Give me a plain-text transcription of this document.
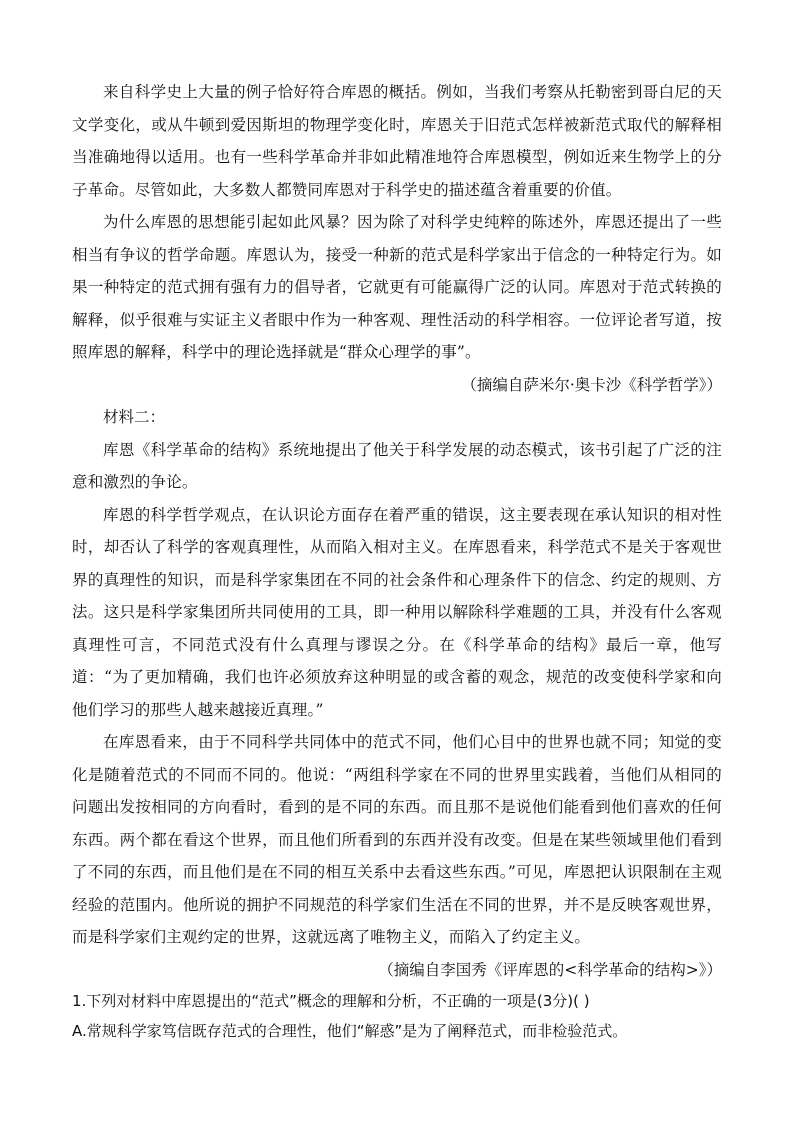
来自科学史上大量的例子恰好符合库恩的概括。例如，当我们考察从托勒密到哥白尼的天文学变化，或从牛顿到爱因斯坦的物理学变化时，库恩关于旧范式怎样被新范式取代的解释相当准确地得以适用。也有一些科学革命并非如此精准地符合库恩模型，例如近来生物学上的分子革命。尽管如此，大多数人都赞同库恩对于科学史的描述蕴含着重要的价值。

为什么库恩的思想能引起如此风暴？因为除了对科学史纯粹的陈述外，库恩还提出了一些相当有争议的哲学命题。库恩认为，接受一种新的范式是科学家出于信念的一种特定行为。如果一种特定的范式拥有强有力的倡导者，它就更有可能赢得广泛的认同。库恩对于范式转换的解释，似乎很难与实证主义者眼中作为一种客观、理性活动的科学相容。一位评论者写道，按照库恩的解释，科学中的理论选择就是“群众心理学的事”。

（摘编自萨米尔·奥卡沙《科学哲学》）

材料二：

库恩《科学革命的结构》系统地提出了他关于科学发展的动态模式，该书引起了广泛的注意和激烈的争论。

库恩的科学哲学观点，在认识论方面存在着严重的错误，这主要表现在承认知识的相对性时，却否认了科学的客观真理性，从而陷入相对主义。在库恩看来，科学范式不是关于客观世界的真理性的知识，而是科学家集团在不同的社会条件和心理条件下的信念、约定的规则、方法。这只是科学家集团所共同使用的工具，即一种用以解除科学难题的工具，并没有什么客观真理性可言，不同范式没有什么真理与谬误之分。在《科学革命的结构》最后一章，他写道：“为了更加精确，我们也许必须放弃这种明显的或含蓄的观念，规范的改变使科学家和向他们学习的那些人越来越接近真理。”

在库恩看来，由于不同科学共同体中的范式不同，他们心目中的世界也就不同；知觉的变化是随着范式的不同而不同的。他说：“两组科学家在不同的世界里实践着，当他们从相同的问题出发按相同的方向看时，看到的是不同的东西。而且那不是说他们能看到他们喜欢的任何东西。两个都在看这个世界，而且他们所看到的东西并没有改变。但是在某些领域里他们看到了不同的东西，而且他们是在不同的相互关系中去看这些东西。”可见，库恩把认识限制在主观经验的范围内。他所说的拥护不同规范的科学家们生活在不同的世界，并不是反映客观世界，而是科学家们主观约定的世界，这就远离了唯物主义，而陷入了约定主义。

（摘编自李国秀《评库恩的<科学革命的结构>》）

1.下列对材料中库恩提出的“范式”概念的理解和分析，不正确的一项是(3分)( )

A.常规科学家笃信既存范式的合理性，他们“解惑”是为了阐释范式，而非检验范式。
